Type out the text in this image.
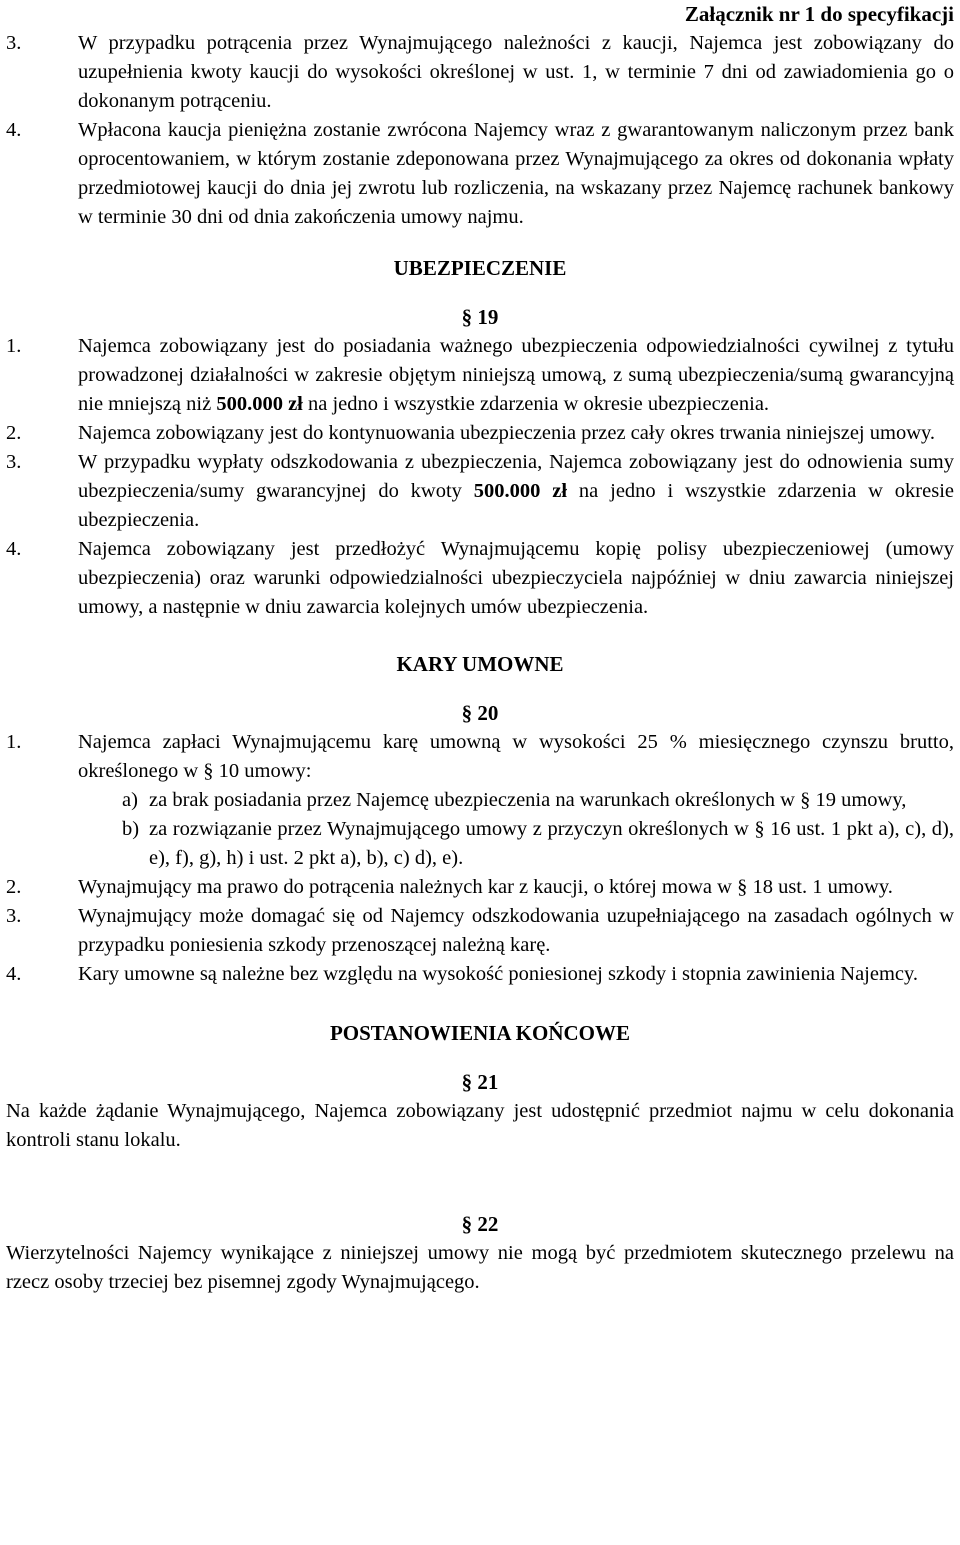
Załącznik nr 1 do specyfikacji
3.	W przypadku potrącenia przez Wynajmującego należności z kaucji, Najemca jest zobowiązany do uzupełnienia kwoty kaucji do wysokości określonej w ust. 1, w terminie 7 dni od zawiadomienia go o dokonanym potrąceniu.
4.	Wpłacona kaucja pieniężna zostanie zwrócona Najemcy wraz z gwarantowanym naliczonym przez bank oprocentowaniem, w którym zostanie zdeponowana przez Wynajmującego za okres od dokonania wpłaty przedmiotowej kaucji do dnia jej zwrotu lub rozliczenia, na wskazany przez Najemcę rachunek bankowy w terminie 30 dni od dnia zakończenia umowy najmu.
UBEZPIECZENIE
§ 19
1.	Najemca zobowiązany jest do posiadania ważnego ubezpieczenia odpowiedzialności cywilnej z tytułu prowadzonej działalności w zakresie objętym niniejszą umową, z sumą ubezpieczenia/sumą gwarancyjną nie mniejszą niż 500.000 zł na jedno i wszystkie zdarzenia w okresie ubezpieczenia.
2.	Najemca zobowiązany jest do kontynuowania ubezpieczenia przez cały okres trwania niniejszej umowy.
3.	W przypadku wypłaty odszkodowania z ubezpieczenia, Najemca zobowiązany jest do odnowienia sumy ubezpieczenia/sumy gwarancyjnej do kwoty 500.000 zł na jedno i wszystkie zdarzenia w okresie ubezpieczenia.
4.	Najemca zobowiązany jest przedłożyć Wynajmującemu kopię polisy ubezpieczeniowej (umowy ubezpieczenia) oraz warunki odpowiedzialności ubezpieczyciela najpóźniej w dniu zawarcia niniejszej umowy, a następnie w dniu zawarcia kolejnych umów ubezpieczenia.
KARY UMOWNE
§ 20
1.	Najemca zapłaci Wynajmującemu karę umowną w wysokości 25 % miesięcznego czynszu brutto, określonego w § 10 umowy:
a) za brak posiadania przez Najemcę ubezpieczenia na warunkach określonych w § 19 umowy,
b) za rozwiązanie przez Wynajmującego umowy z przyczyn określonych w § 16 ust. 1 pkt a), c), d), e), f), g), h) i ust. 2 pkt a), b), c) d), e).
2.	Wynajmujący ma prawo do potrącenia należnych kar z kaucji, o której mowa w § 18 ust. 1 umowy.
3.	Wynajmujący może domagać się od Najemcy odszkodowania uzupełniającego na zasadach ogólnych w przypadku poniesienia szkody przenoszącej należną karę.
4.	Kary umowne są należne bez względu na wysokość poniesionej szkody i stopnia zawinienia Najemcy.
POSTANOWIENIA KOŃCOWE
§ 21
Na każde żądanie Wynajmującego, Najemca zobowiązany jest udostępnić przedmiot najmu w celu dokonania kontroli stanu lokalu.
§ 22
Wierzytelności Najemcy wynikające z niniejszej umowy nie mogą być przedmiotem skutecznego przelewu na rzecz osoby trzeciej bez pisemnej zgody Wynajmującego.
